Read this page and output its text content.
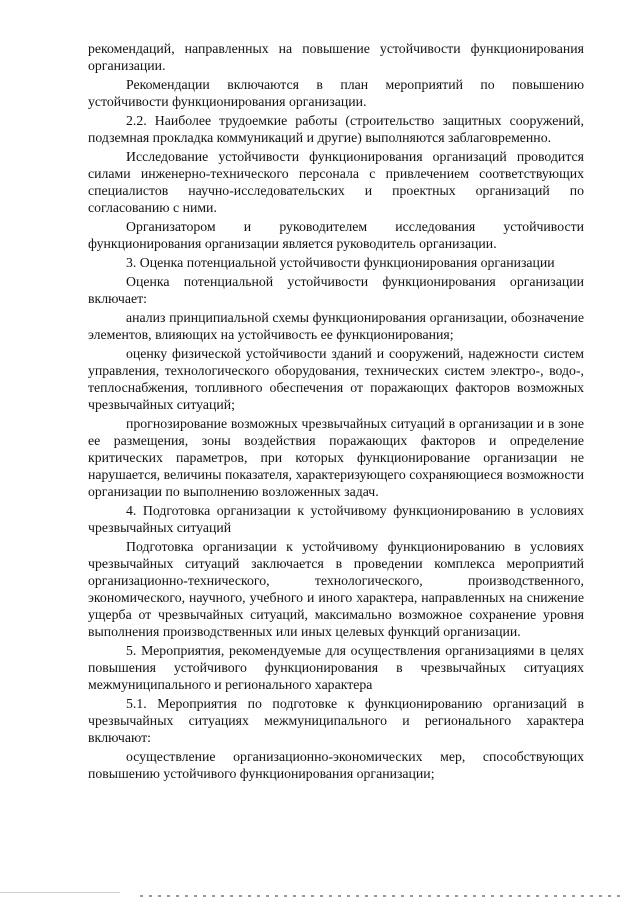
рекомендаций, направленных на повышение устойчивости функционирования организации.

Рекомендации включаются в план мероприятий по повышению устойчивости функционирования организации.

2.2. Наиболее трудоемкие работы (строительство защитных сооружений, подземная прокладка коммуникаций и другие) выполняются заблаговременно.

Исследование устойчивости функционирования организаций проводится силами инженерно-технического персонала с привлечением соответствующих специалистов научно-исследовательских и проектных организаций по согласованию с ними.

Организатором и руководителем исследования устойчивости функционирования организации является руководитель организации.

3. Оценка потенциальной устойчивости функционирования организации

Оценка потенциальной устойчивости функционирования организации включает:

анализ принципиальной схемы функционирования организации, обозначение элементов, влияющих на устойчивость ее функционирования;

оценку физической устойчивости зданий и сооружений, надежности систем управления, технологического оборудования, технических систем электро-, водо-, теплоснабжения, топливного обеспечения от поражающих факторов возможных чрезвычайных ситуаций;

прогнозирование возможных чрезвычайных ситуаций в организации и в зоне ее размещения, зоны воздействия поражающих факторов и определение критических параметров, при которых функционирование организации не нарушается, величины показателя, характеризующего сохраняющиеся возможности организации по выполнению возложенных задач.

4. Подготовка организации к устойчивому функционированию в условиях чрезвычайных ситуаций

Подготовка организации к устойчивому функционированию в условиях чрезвычайных ситуаций заключается в проведении комплекса мероприятий организационно-технического, технологического, производственного, экономического, научного, учебного и иного характера, направленных на снижение ущерба от чрезвычайных ситуаций, максимально возможное сохранение уровня выполнения производственных или иных целевых функций организации.

5. Мероприятия, рекомендуемые для осуществления организациями в целях повышения устойчивого функционирования в чрезвычайных ситуациях межмуниципального и регионального характера

5.1. Мероприятия по подготовке к функционированию организаций в чрезвычайных ситуациях межмуниципального и регионального характера включают:

осуществление организационно-экономических мер, способствующих повышению устойчивого функционирования организации;
